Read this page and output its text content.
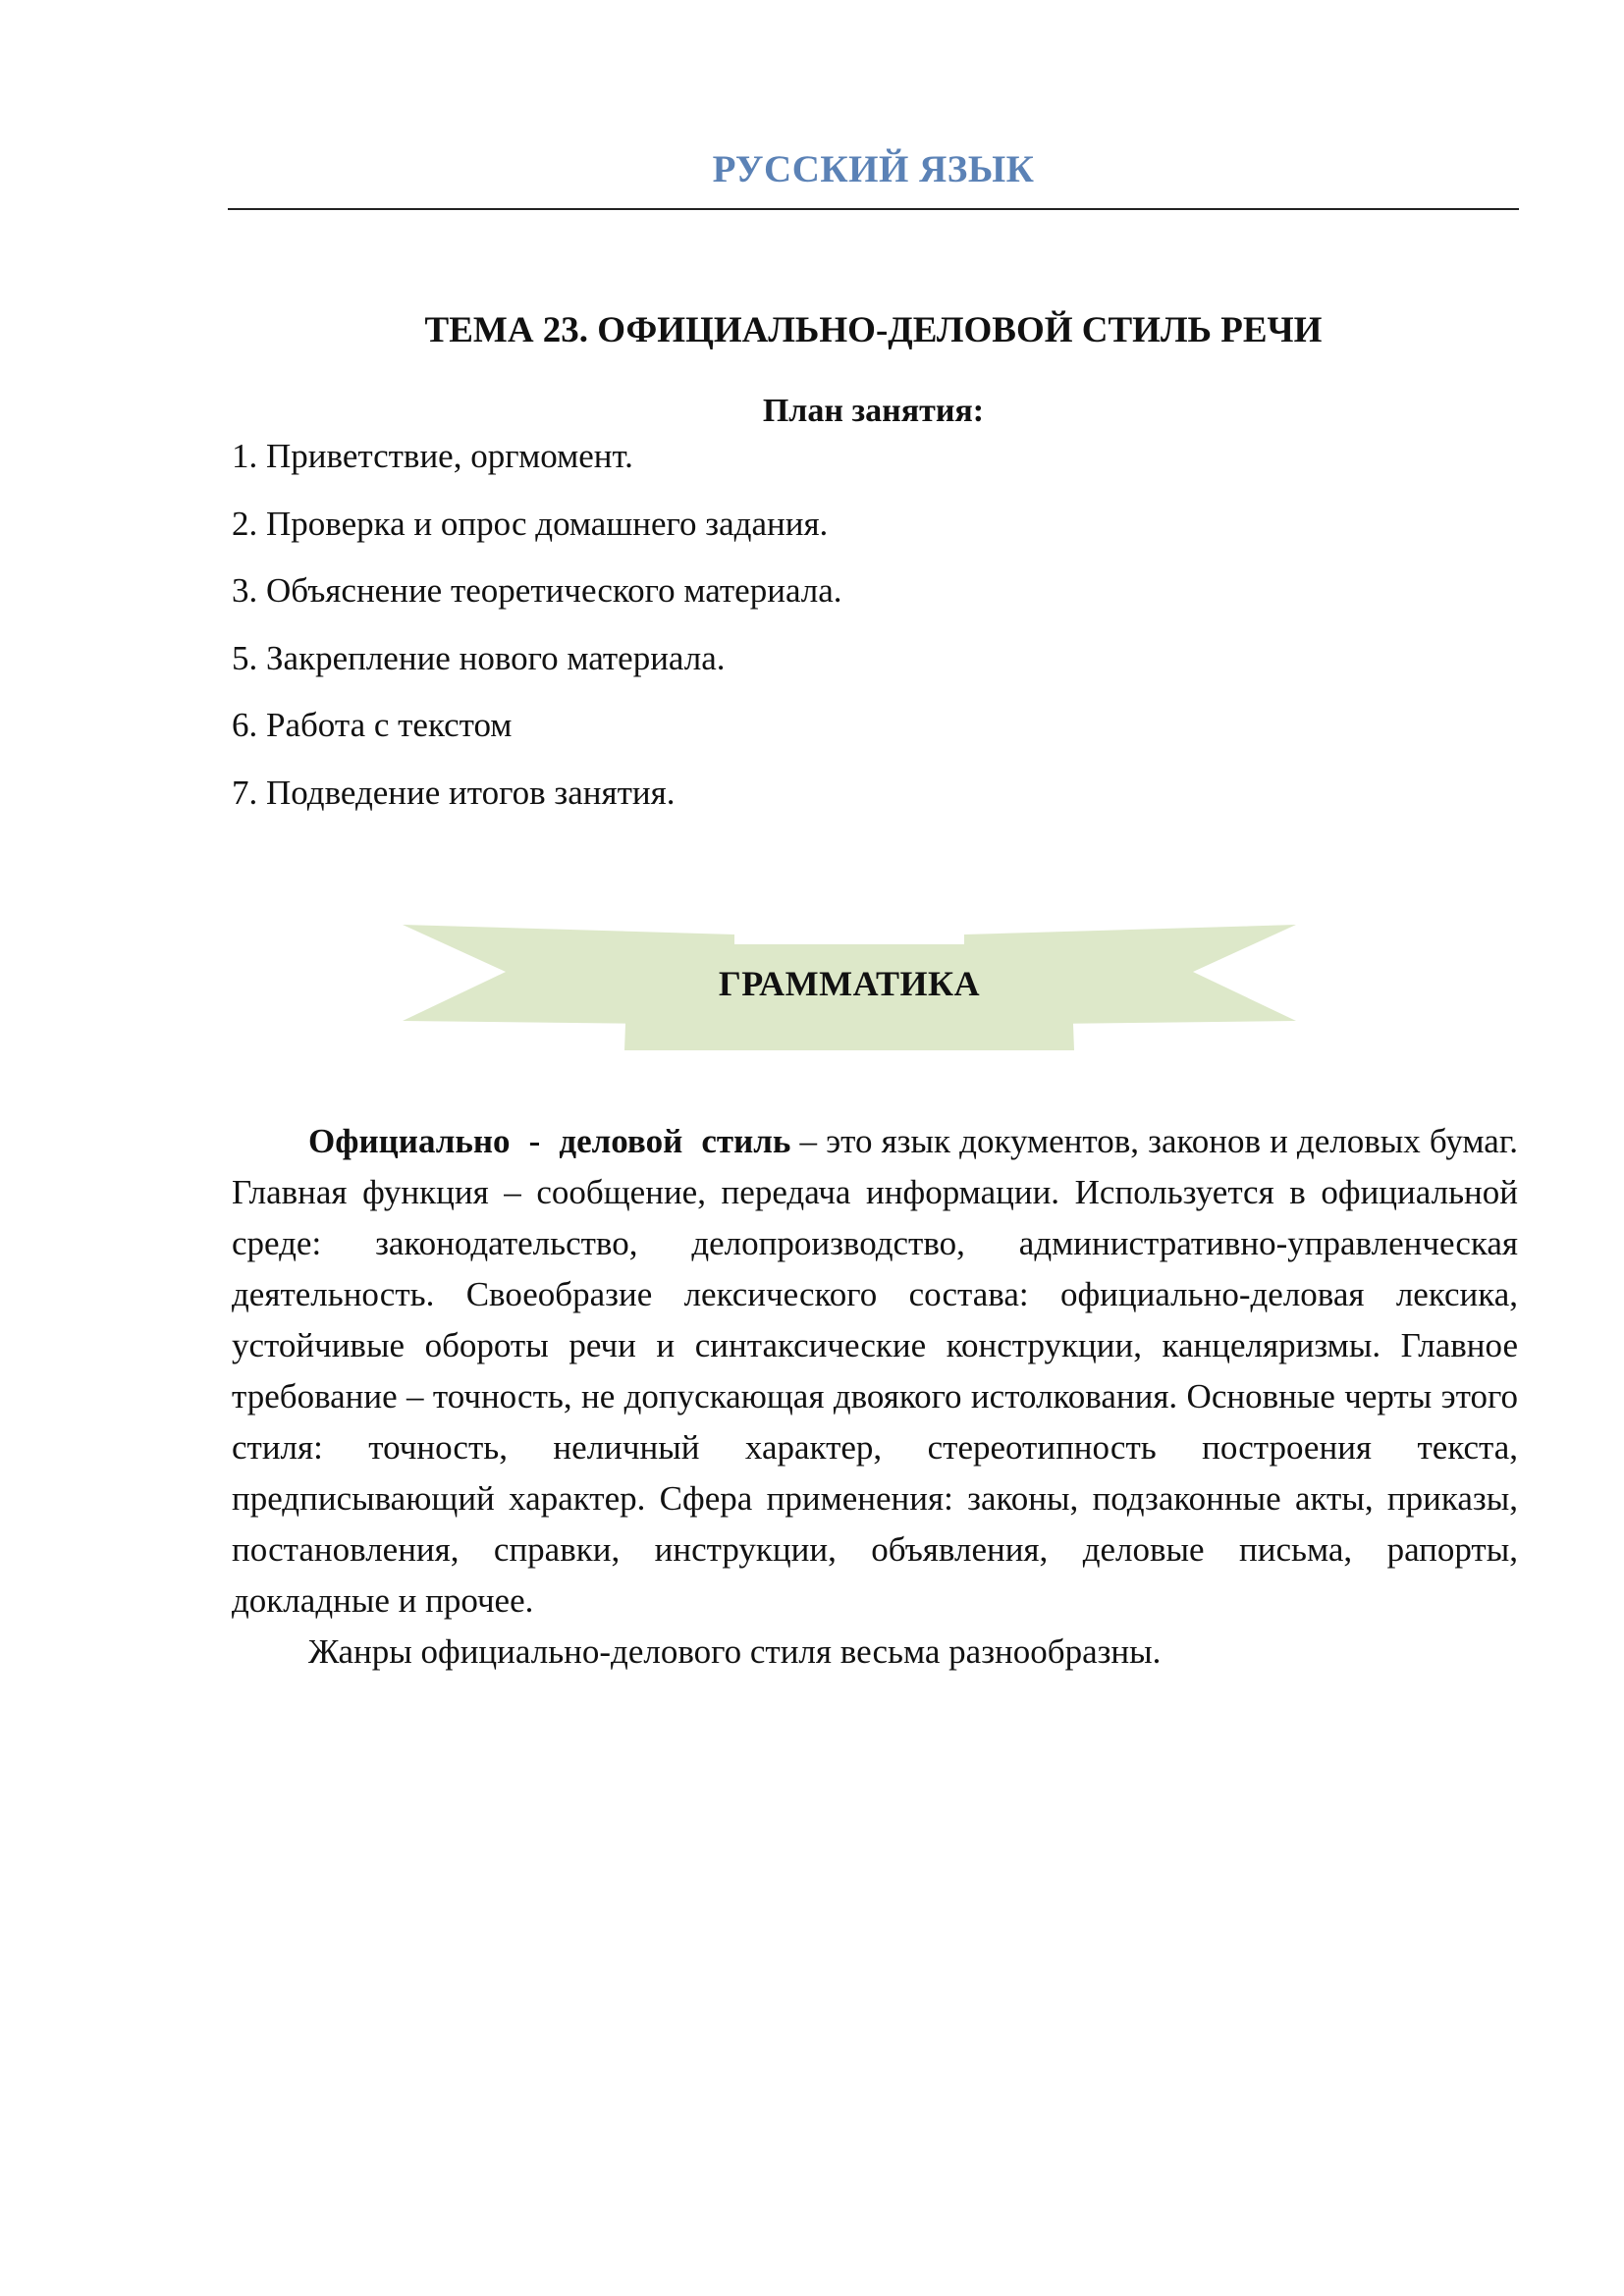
РУССКИЙ ЯЗЫК
ТЕМА 23. ОФИЦИАЛЬНО-ДЕЛОВОЙ СТИЛЬ РЕЧИ
План занятия:
1. Приветствие, оргмомент.
2. Проверка и опрос домашнего задания.
3. Объяснение теоретического материала.
5. Закрепление нового материала.
6. Работа с текстом
7. Подведение итогов занятия.
ГРАММАТИКА

Официально - деловой стиль – это язык документов, законов и деловых бумаг. Главная функция – сообщение, передача информации. Используется в официальной среде: законодательство, делопроизводство, административно-управленческая деятельность. Своеобразие лексического состава: официально-деловая лексика, устойчивые обороты речи и синтаксические конструкции, канцеляризмы. Главное требование – точность, не допускающая двоякого истолкования. Основные черты этого стиля: точность, неличный характер, стереотипность построения текста, предписывающий характер. Сфера применения: законы, подзаконные акты, приказы, постановления, справки, инструкции, объявления, деловые письма, рапорты, докладные и прочее.

Жанры официально-делового стиля весьма разнообразны.
